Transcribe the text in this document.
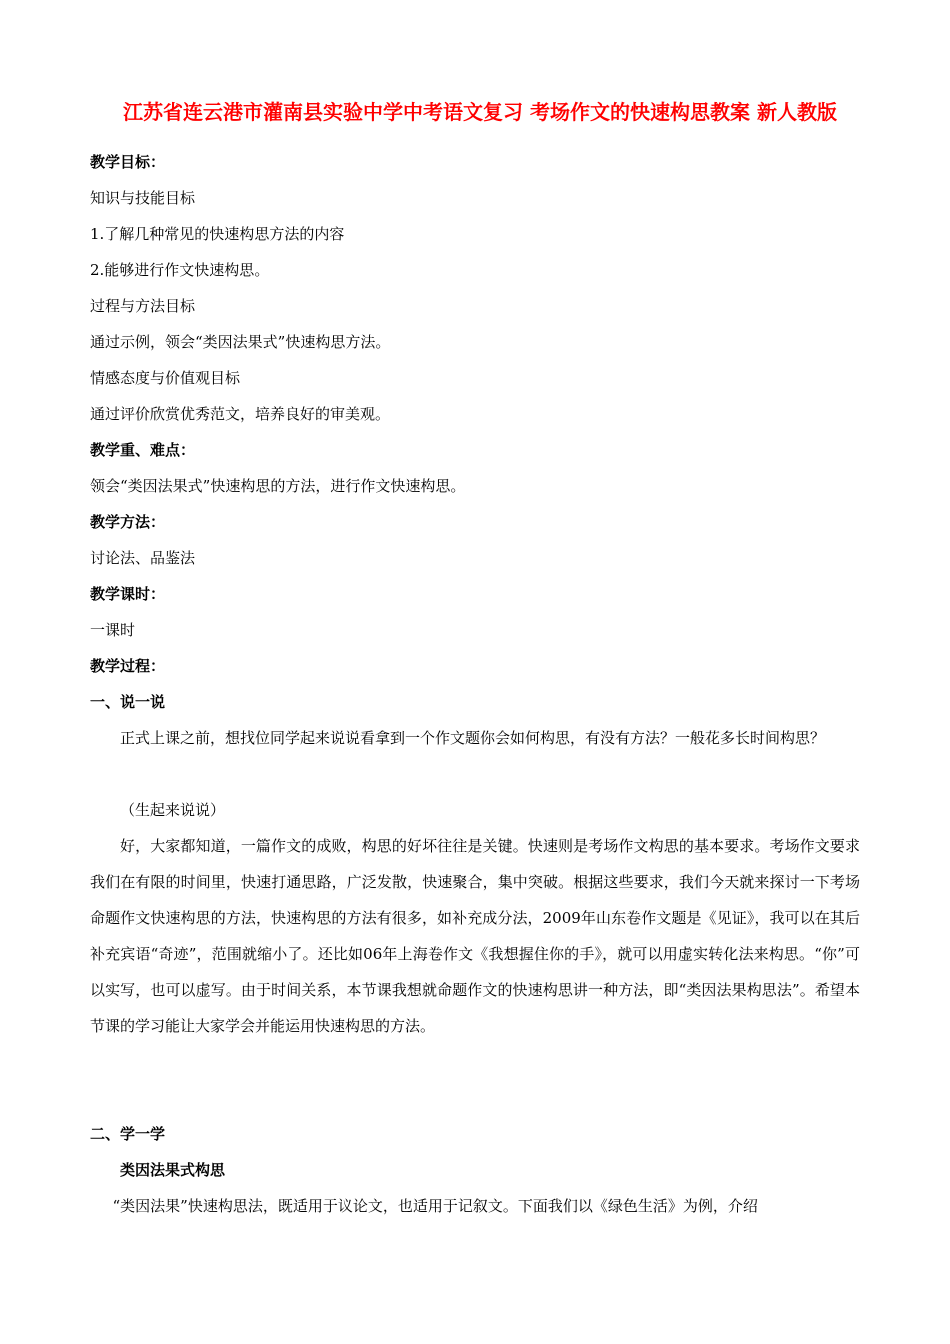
江苏省连云港市灌南县实验中学中考语文复习 考场作文的快速构思教案 新人教版

教学目标：

知识与技能目标

1.了解几种常见的快速构思方法的内容

2.能够进行作文快速构思。

过程与方法目标

通过示例，领会“类因法果式”快速构思方法。

情感态度与价值观目标

通过评价欣赏优秀范文，培养良好的审美观。

教学重、难点：

领会“类因法果式”快速构思的方法，进行作文快速构思。

教学方法：

讨论法、品鉴法

教学课时：

一课时

教学过程：

一、说一说

正式上课之前，想找位同学起来说说看拿到一个作文题你会如何构思，有没有方法？一般花多长时间构思？

（生起来说说）

好，大家都知道，一篇作文的成败，构思的好坏往往是关键。快速则是考场作文构思的基本要求。考场作文要求我们在有限的时间里，快速打通思路，广泛发散，快速聚合，集中突破。根据这些要求，我们今天就来探讨一下考场命题作文快速构思的方法，快速构思的方法有很多，如补充成分法，2009年山东卷作文题是《见证》，我可以在其后补充宾语“奇迹”，范围就缩小了。还比如06年上海卷作文《我想握住你的手》，就可以用虚实转化法来构思。“你”可以实写，也可以虚写。由于时间关系，本节课我想就命题作文的快速构思讲一种方法，即“类因法果构思法”。希望本节课的学习能让大家学会并能运用快速构思的方法。

二、学一学

类因法果式构思

“类因法果”快速构思法，既适用于议论文，也适用于记叙文。下面我们以《绿色生活》为例，介绍
